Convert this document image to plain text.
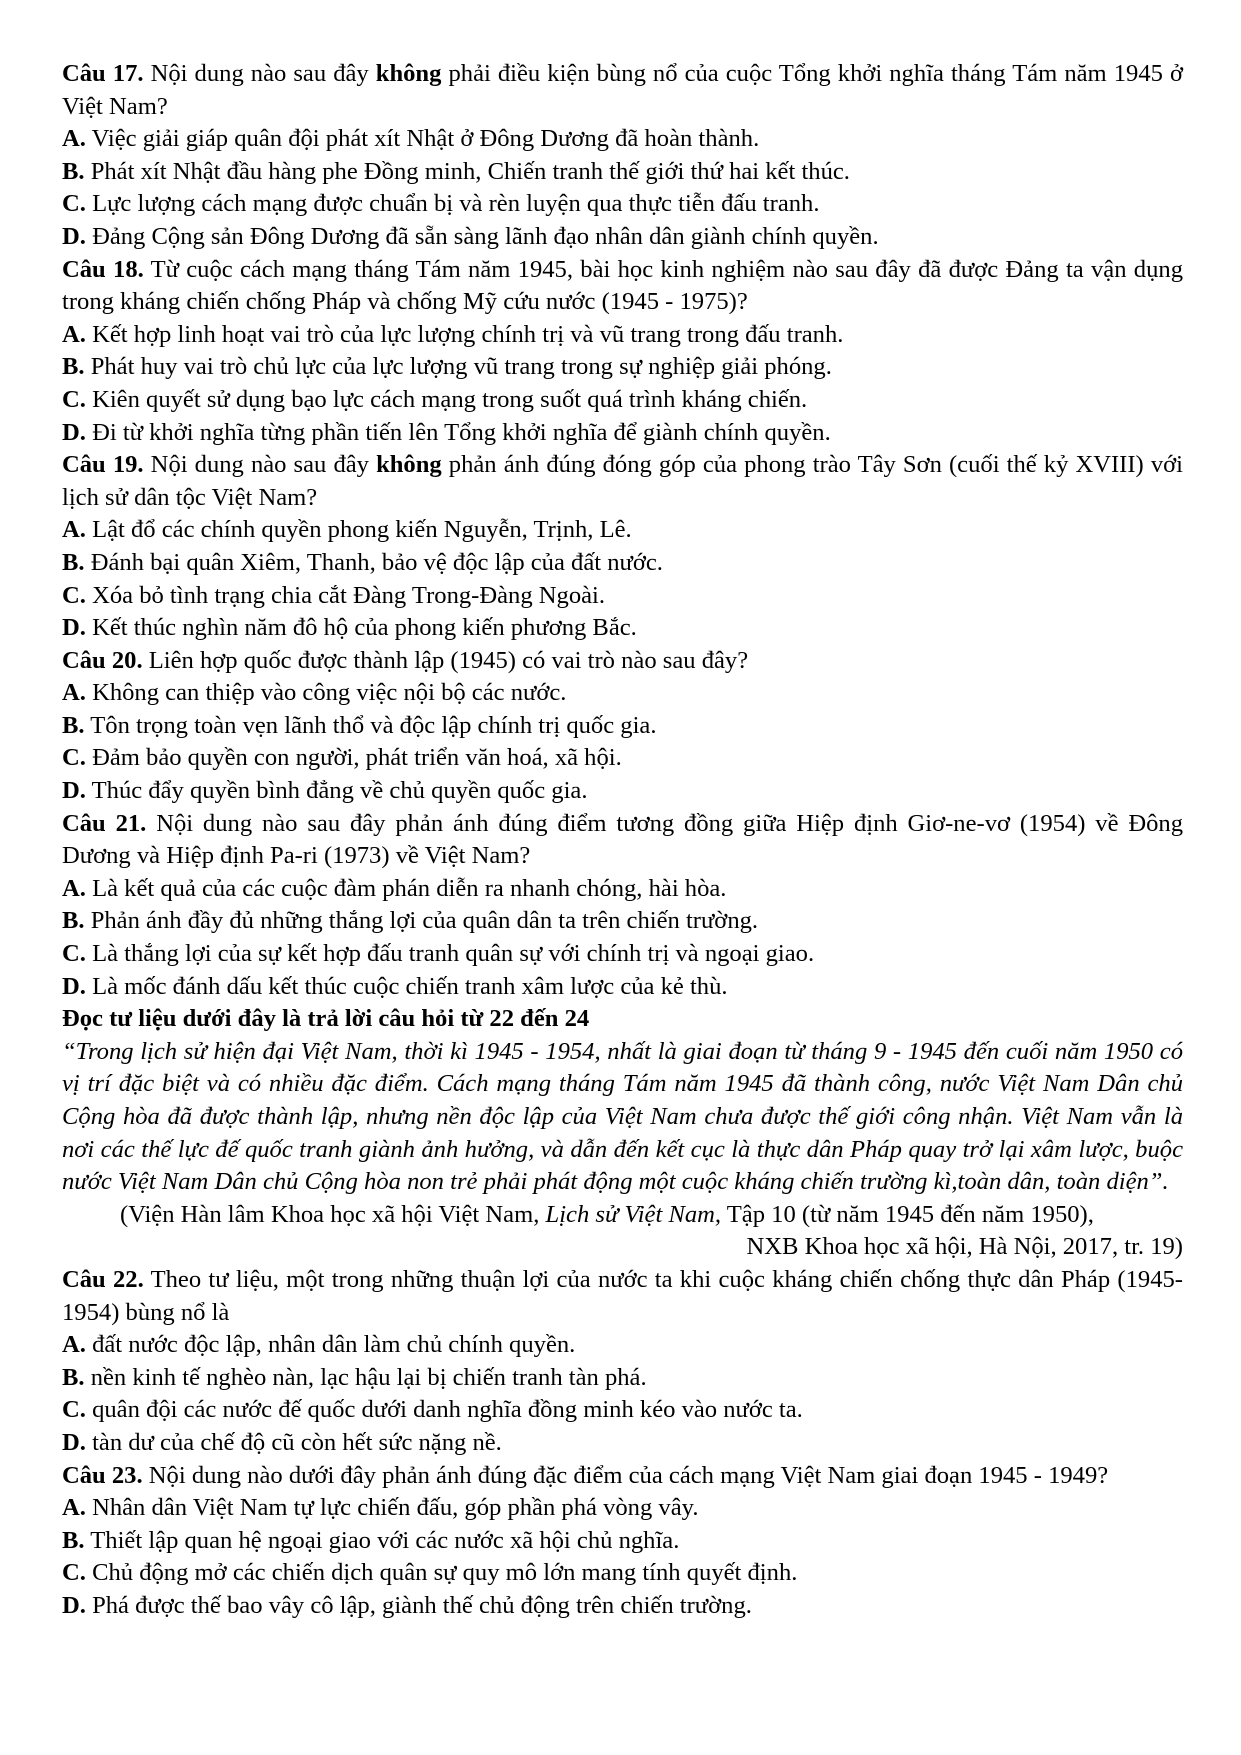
Câu 17. Nội dung nào sau đây không phải điều kiện bùng nổ của cuộc Tổng khởi nghĩa tháng Tám năm 1945 ở Việt Nam?

A. Việc giải giáp quân đội phát xít Nhật ở Đông Dương đã hoàn thành.

B. Phát xít Nhật đầu hàng phe Đồng minh, Chiến tranh thế giới thứ hai kết thúc.

C. Lực lượng cách mạng được chuẩn bị và rèn luyện qua thực tiễn đấu tranh.

D. Đảng Cộng sản Đông Dương đã sẵn sàng lãnh đạo nhân dân giành chính quyền.

Câu 18. Từ cuộc cách mạng tháng Tám năm 1945, bài học kinh nghiệm nào sau đây đã được Đảng ta vận dụng trong kháng chiến chống Pháp và chống Mỹ cứu nước (1945 - 1975)?

A. Kết hợp linh hoạt vai trò của lực lượng chính trị và vũ trang trong đấu tranh.

B. Phát huy vai trò chủ lực của lực lượng vũ trang trong sự nghiệp giải phóng.

C. Kiên quyết sử dụng bạo lực cách mạng trong suốt quá trình kháng chiến.

D. Đi từ khởi nghĩa từng phần tiến lên Tổng khởi nghĩa để giành chính quyền.

Câu 19. Nội dung nào sau đây không phản ánh đúng đóng góp của phong trào Tây Sơn (cuối thế kỷ XVIII) với lịch sử dân tộc Việt Nam?

A. Lật đổ các chính quyền phong kiến Nguyễn, Trịnh, Lê.

B. Đánh bại quân Xiêm, Thanh, bảo vệ độc lập của đất nước.

C. Xóa bỏ tình trạng chia cắt Đàng Trong-Đàng Ngoài.

D. Kết thúc nghìn năm đô hộ của phong kiến phương Bắc.

Câu 20. Liên hợp quốc được thành lập (1945) có vai trò nào sau đây?

A. Không can thiệp vào công việc nội bộ các nước.

B. Tôn trọng toàn vẹn lãnh thổ và độc lập chính trị quốc gia.

C. Đảm bảo quyền con người, phát triển văn hoá, xã hội.

D. Thúc đẩy quyền bình đẳng về chủ quyền quốc gia.

Câu 21. Nội dung nào sau đây phản ánh đúng điểm tương đồng giữa Hiệp định Giơ-ne-vơ (1954) về Đông Dương và Hiệp định Pa-ri (1973) về Việt Nam?

A. Là kết quả của các cuộc đàm phán diễn ra nhanh chóng, hài hòa.

B. Phản ánh đầy đủ những thắng lợi của quân dân ta trên chiến trường.

C. Là thắng lợi của sự kết hợp đấu tranh quân sự với chính trị và ngoại giao.

D. Là mốc đánh dấu kết thúc cuộc chiến tranh xâm lược của kẻ thù.

Đọc tư liệu dưới đây là trả lời câu hỏi từ 22 đến 24

“Trong lịch sử hiện đại Việt Nam, thời kì 1945 - 1954, nhất là giai đoạn từ tháng 9 - 1945 đến cuối năm 1950 có vị trí đặc biệt và có nhiều đặc điểm. Cách mạng tháng Tám năm 1945 đã thành công, nước Việt Nam Dân chủ Cộng hòa đã được thành lập, nhưng nền độc lập của Việt Nam chưa được thế giới công nhận. Việt Nam vẫn là nơi các thế lực đế quốc tranh giành ảnh hưởng, và dẫn đến kết cục là thực dân Pháp quay trở lại xâm lược, buộc nước Việt Nam Dân chủ Cộng hòa non trẻ phải phát động một cuộc kháng chiến trường kì,toàn dân, toàn diện”.

(Viện Hàn lâm Khoa học xã hội Việt Nam, Lịch sử Việt Nam, Tập 10 (từ năm 1945 đến năm 1950),

NXB Khoa học xã hội, Hà Nội, 2017, tr. 19)

Câu 22. Theo tư liệu, một trong những thuận lợi của nước ta khi cuộc kháng chiến chống thực dân Pháp (1945-1954) bùng nổ là

A. đất nước độc lập, nhân dân làm chủ chính quyền.

B. nền kinh tế nghèo nàn, lạc hậu lại bị chiến tranh tàn phá.

C. quân đội các nước đế quốc dưới danh nghĩa đồng minh kéo vào nước ta.

D. tàn dư của chế độ cũ còn hết sức nặng nề.

Câu 23. Nội dung nào dưới đây phản ánh đúng đặc điểm của cách mạng Việt Nam giai đoạn 1945 - 1949?

A. Nhân dân Việt Nam tự lực chiến đấu, góp phần phá vòng vây.

B. Thiết lập quan hệ ngoại giao với các nước xã hội chủ nghĩa.

C. Chủ động mở các chiến dịch quân sự quy mô lớn mang tính quyết định.

D. Phá được thế bao vây cô lập, giành thế chủ động trên chiến trường.
